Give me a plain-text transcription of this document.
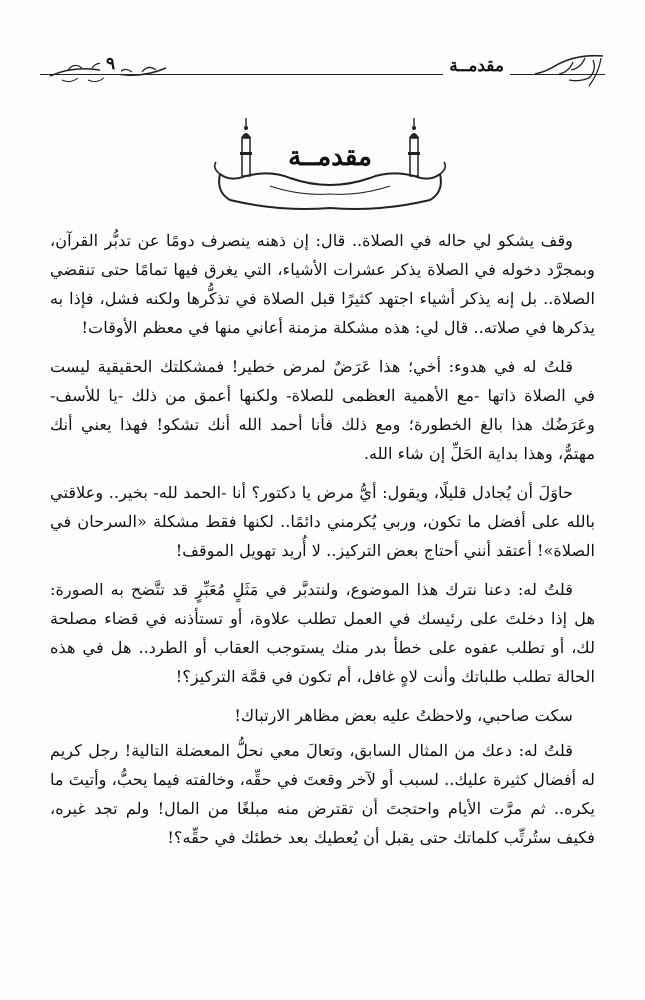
٩	مقدمــة
مقدمــة

وقف يشكو لي حاله في الصلاة.. قال: إن ذهنه ينصرف دومًا عن تدبُّر القرآن، وبمجرَّد دخوله في الصلاة يذكر عشرات الأشياء، التي يغرق فيها تمامًا حتى تنقضي الصلاة.. بل إنه يذكر أشياء اجتهد كثيرًا قبل الصلاة في تذكُّرها ولكنه فشل، فإذا به يذكرها في صلاته.. قال لي: هذه مشكلة مزمنة أعاني منها في معظم الأوقات!

قلتُ له في هدوء: أخي؛ هذا عَرَضٌ لمرض خطير! فمشكلتك الحقيقية ليست في الصلاة ذاتها -مع الأهمية العظمى للصلاة- ولكنها أعمق من ذلك -يا للأسف- وعَرَضُك هذا بالغ الخطورة؛ ومع ذلك فأنا أحمد الله أنك تشكو! فهذا يعني أنك مهتمٌّ، وهذا بداية الحَلِّ إن شاء الله.

حاوَلَ أن يُجادل قليلًا، ويقول: أيُّ مرض يا دكتور؟ أنا -الحمد لله- بخير.. وعلاقتي بالله على أفضل ما تكون، وربي يُكرمني دائمًا.. لكنها فقط مشكلة «السرحان في الصلاة»! أعتقد أنني أحتاج بعض التركيز.. لا أُريد تهويل الموقف!

قلتُ له: دعنا نترك هذا الموضوع، ولنتدبَّر في مَثَلٍ مُعَبِّرٍ قد تتَّضح به الصورة: هل إذا دخلتَ على رئيسك في العمل تطلب علاوة، أو تستأذنه في قضاء مصلحة لك، أو تطلب عفوه على خطأ بدر منك يستوجب العقاب أو الطرد.. هل في هذه الحالة تطلب طلباتك وأنت لاهٍ غافل، أم تكون في قمَّة التركيز؟!

سكت صاحبي، ولاحظتُ عليه بعض مظاهر الارتباك!

قلتُ له: دعك من المثال السابق، وتعالَ معي نحلُّ المعضلة التالية! رجل كريم له أفضال كثيرة عليك.. لسبب أو لآخر وقعتَ في حقِّه، وخالفته فيما يحبُّ، وأتيتَ ما يكره.. ثم مرَّت الأيام واحتجتَ أن تقترض منه مبلغًا من المال! ولم تجد غيره، فكيف ستُرتِّب كلماتك حتى يقبل أن يُعطيك بعد خطئك في حقِّه؟!
